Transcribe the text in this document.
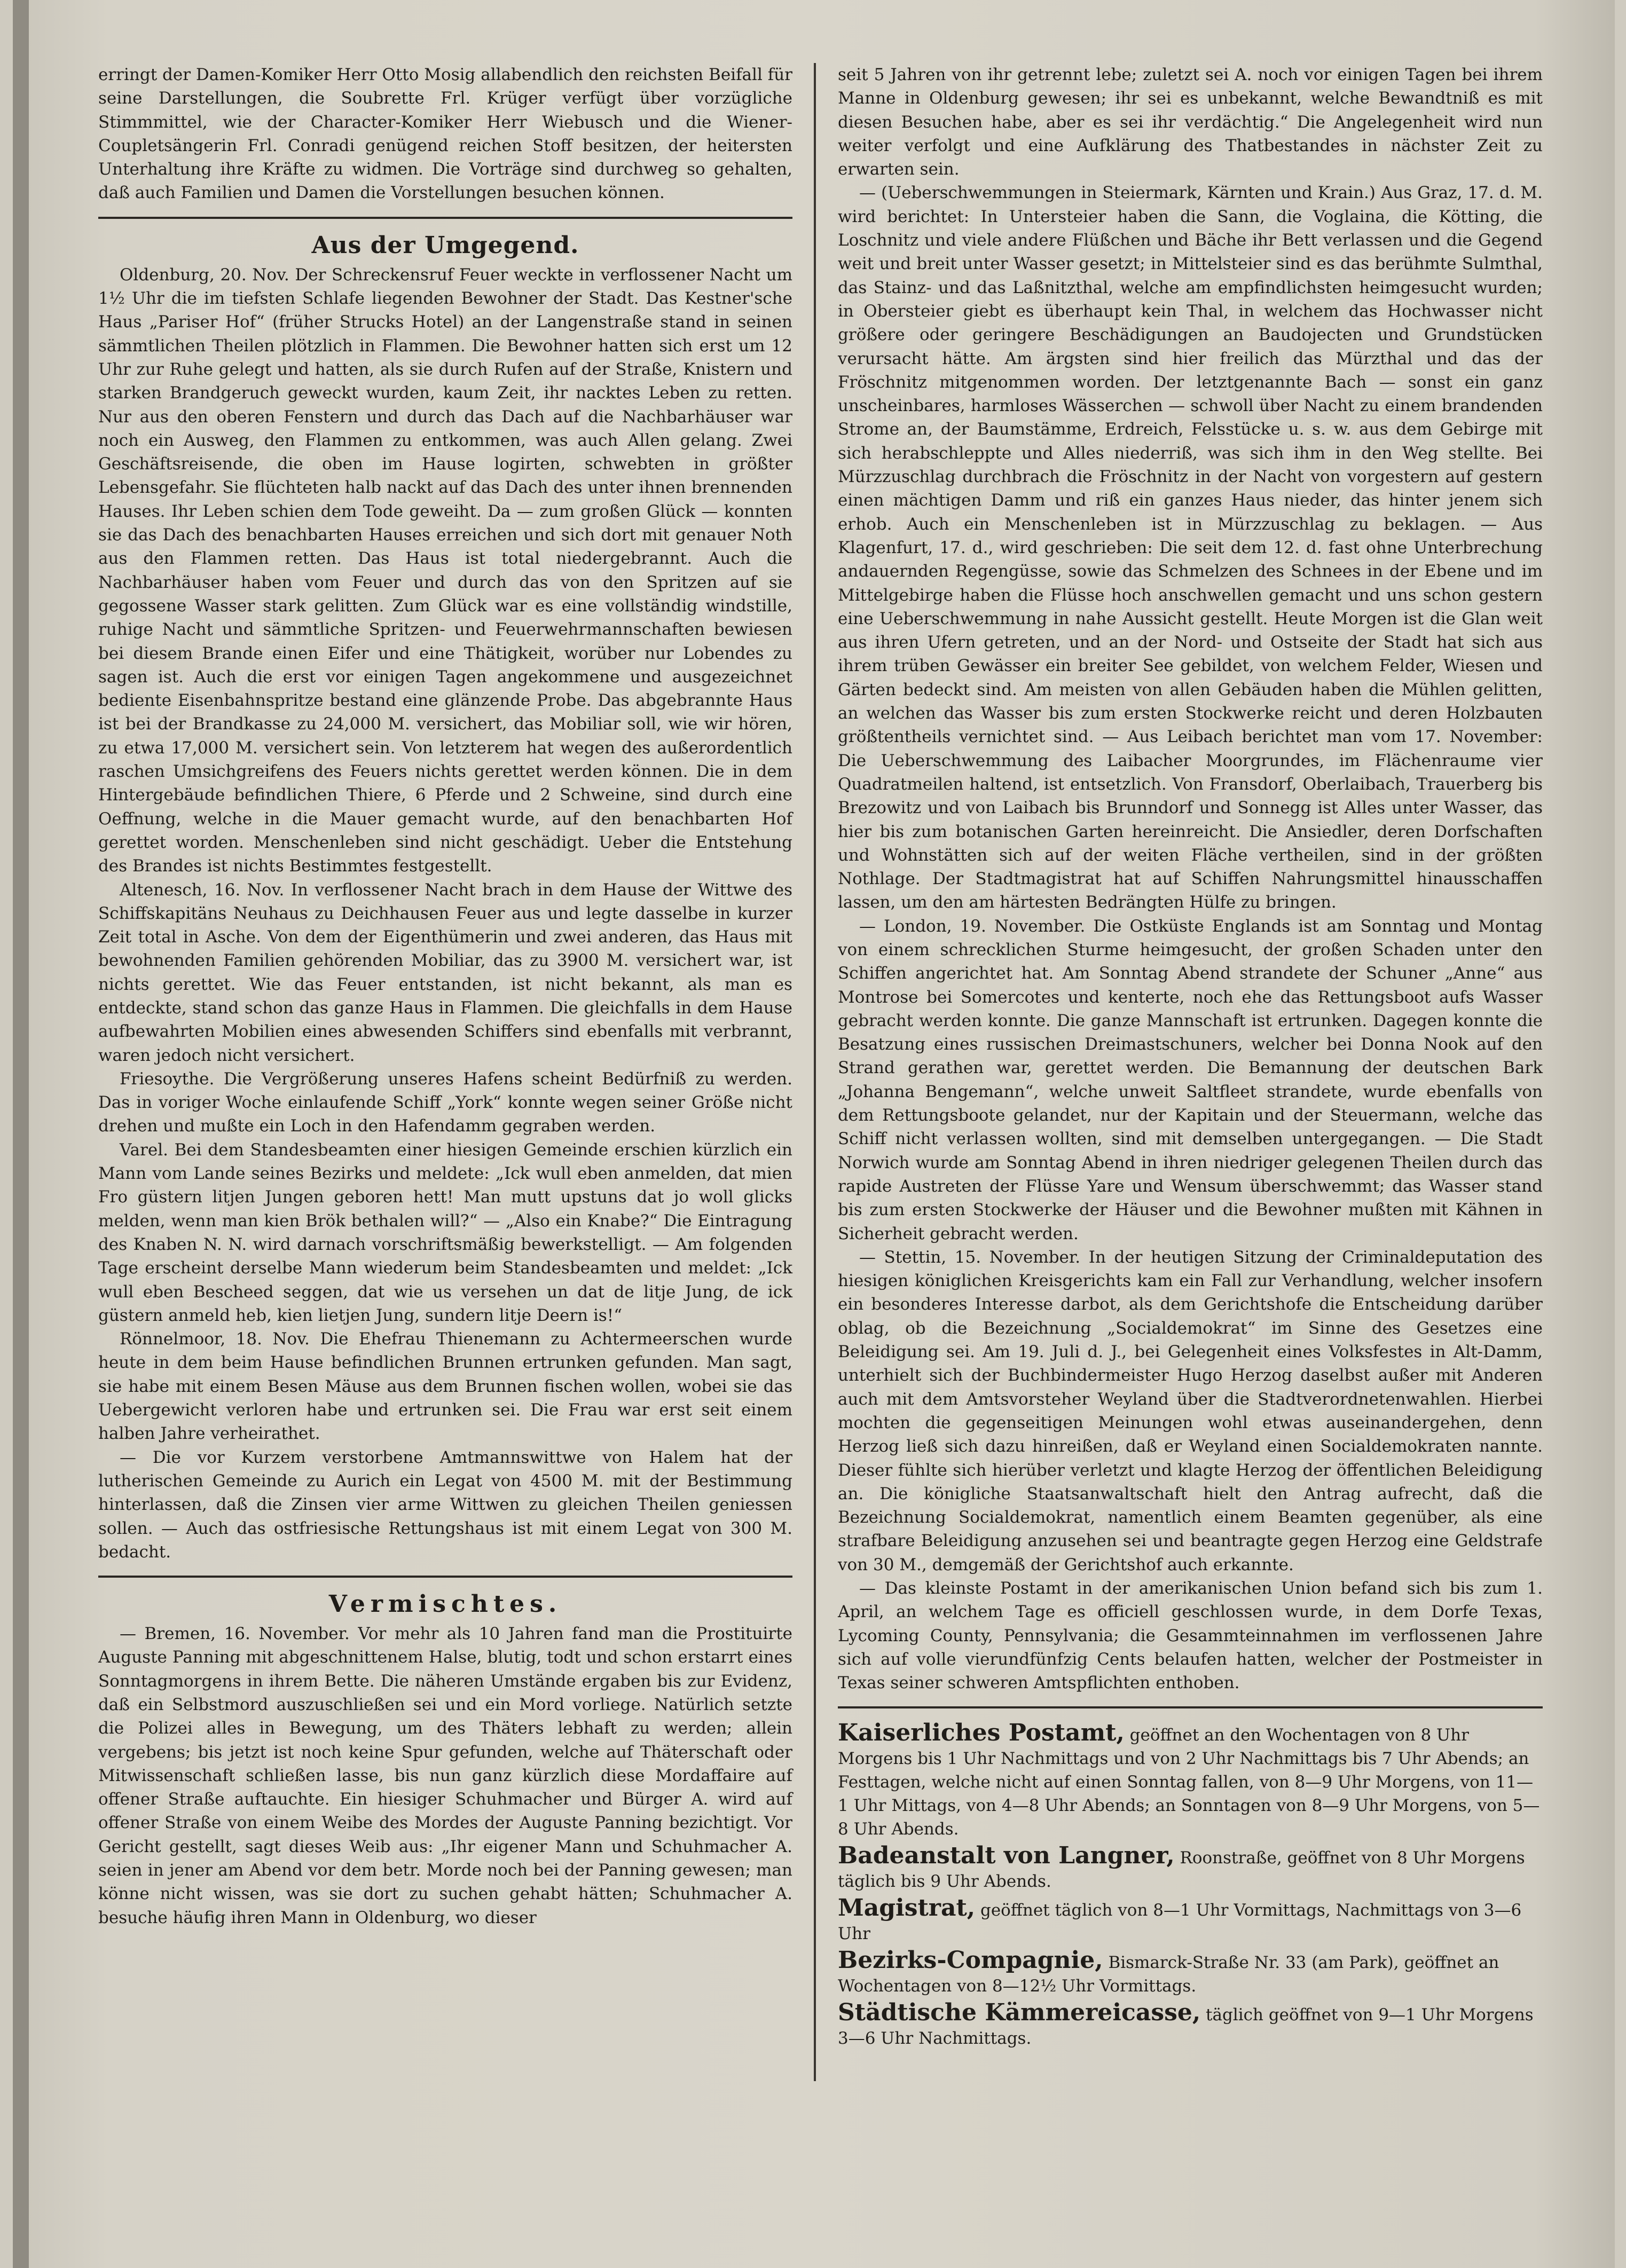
erringt der Damen-Komiker Herr Otto Mosig allabendlich den reichsten Beifall für seine Darstellungen, die Soubrette Frl. Krüger verfügt über vorzügliche Stimmmittel, wie der Character-Komiker Herr Wiebusch und die Wiener-Coupletsängerin Frl. Conradi genügend reichen Stoff besitzen, der heitersten Unterhaltung ihre Kräfte zu widmen. Die Vorträge sind durchweg so gehalten, daß auch Familien und Damen die Vorstellungen besuchen können.

Aus der Umgegend.

Oldenburg, 20. Nov. Der Schreckensruf Feuer weckte in verflossener Nacht um 1½ Uhr die im tiefsten Schlafe liegenden Bewohner der Stadt. Das Kestner'sche Haus „Pariser Hof“ (früher Strucks Hotel) an der Langenstraße stand in seinen sämmtlichen Theilen plötzlich in Flammen. Die Bewohner hatten sich erst um 12 Uhr zur Ruhe gelegt und hatten, als sie durch Rufen auf der Straße, Knistern und starken Brandgeruch geweckt wurden, kaum Zeit, ihr nacktes Leben zu retten. Nur aus den oberen Fenstern und durch das Dach auf die Nachbarhäuser war noch ein Ausweg, den Flammen zu entkommen, was auch Allen gelang. Zwei Geschäftsreisende, die oben im Hause logirten, schwebten in größter Lebensgefahr. Sie flüchteten halb nackt auf das Dach des unter ihnen brennenden Hauses. Ihr Leben schien dem Tode geweiht. Da — zum großen Glück — konnten sie das Dach des benachbarten Hauses erreichen und sich dort mit genauer Noth aus den Flammen retten. Das Haus ist total niedergebrannt. Auch die Nachbarhäuser haben vom Feuer und durch das von den Spritzen auf sie gegossene Wasser stark gelitten. Zum Glück war es eine vollständig windstille, ruhige Nacht und sämmtliche Spritzen- und Feuerwehrmannschaften bewiesen bei diesem Brande einen Eifer und eine Thätigkeit, worüber nur Lobendes zu sagen ist. Auch die erst vor einigen Tagen angekommene und ausgezeichnet bediente Eisenbahnspritze bestand eine glänzende Probe. Das abgebrannte Haus ist bei der Brandkasse zu 24,000 M. versichert, das Mobiliar soll, wie wir hören, zu etwa 17,000 M. versichert sein. Von letzterem hat wegen des außerordentlich raschen Umsichgreifens des Feuers nichts gerettet werden können. Die in dem Hintergebäude befindlichen Thiere, 6 Pferde und 2 Schweine, sind durch eine Oeffnung, welche in die Mauer gemacht wurde, auf den benachbarten Hof gerettet worden. Menschenleben sind nicht geschädigt. Ueber die Entstehung des Brandes ist nichts Bestimmtes festgestellt.

Altenesch, 16. Nov. In verflossener Nacht brach in dem Hause der Wittwe des Schiffskapitäns Neuhaus zu Deichhausen Feuer aus und legte dasselbe in kurzer Zeit total in Asche. Von dem der Eigenthümerin und zwei anderen, das Haus mit bewohnenden Familien gehörenden Mobiliar, das zu 3900 M. versichert war, ist nichts gerettet. Wie das Feuer entstanden, ist nicht bekannt, als man es entdeckte, stand schon das ganze Haus in Flammen. Die gleichfalls in dem Hause aufbewahrten Mobilien eines abwesenden Schiffers sind ebenfalls mit verbrannt, waren jedoch nicht versichert.

Friesoythe. Die Vergrößerung unseres Hafens scheint Bedürfniß zu werden. Das in voriger Woche einlaufende Schiff „York“ konnte wegen seiner Größe nicht drehen und mußte ein Loch in den Hafendamm gegraben werden.

Varel. Bei dem Standesbeamten einer hiesigen Gemeinde erschien kürzlich ein Mann vom Lande seines Bezirks und meldete: „Ick wull eben anmelden, dat mien Fro güstern litjen Jungen geboren hett! Man mutt upstuns dat jo woll glicks melden, wenn man kien Brök bethalen will?“ — „Also ein Knabe?“ Die Eintragung des Knaben N. N. wird darnach vorschriftsmäßig bewerkstelligt. — Am folgenden Tage erscheint derselbe Mann wiederum beim Standesbeamten und meldet: „Ick wull eben Bescheed seggen, dat wie us versehen un dat de litje Jung, de ick güstern anmeld heb, kien lietjen Jung, sundern litje Deern is!“

Rönnelmoor, 18. Nov. Die Ehefrau Thienemann zu Achtermeerschen wurde heute in dem beim Hause befindlichen Brunnen ertrunken gefunden. Man sagt, sie habe mit einem Besen Mäuse aus dem Brunnen fischen wollen, wobei sie das Uebergewicht verloren habe und ertrunken sei. Die Frau war erst seit einem halben Jahre verheirathet.

— Die vor Kurzem verstorbene Amtmannswittwe von Halem hat der lutherischen Gemeinde zu Aurich ein Legat von 4500 M. mit der Bestimmung hinterlassen, daß die Zinsen vier arme Wittwen zu gleichen Theilen geniessen sollen. — Auch das ostfriesische Rettungshaus ist mit einem Legat von 300 M. bedacht.

Vermischtes.

— Bremen, 16. November. Vor mehr als 10 Jahren fand man die Prostituirte Auguste Panning mit abgeschnittenem Halse, blutig, todt und schon erstarrt eines Sonntagmorgens in ihrem Bette. Die näheren Umstände ergaben bis zur Evidenz, daß ein Selbstmord auszuschließen sei und ein Mord vorliege. Natürlich setzte die Polizei alles in Bewegung, um des Thäters lebhaft zu werden; allein vergebens; bis jetzt ist noch keine Spur gefunden, welche auf Thäterschaft oder Mitwissenschaft schließen lasse, bis nun ganz kürzlich diese Mordaffaire auf offener Straße auftauchte. Ein hiesiger Schuhmacher und Bürger A. wird auf offener Straße von einem Weibe des Mordes der Auguste Panning bezichtigt. Vor Gericht gestellt, sagt dieses Weib aus: „Ihr eigener Mann und Schuhmacher A. seien in jener am Abend vor dem betr. Morde noch bei der Panning gewesen; man könne nicht wissen, was sie dort zu suchen gehabt hätten; Schuhmacher A. besuche häufig ihren Mann in Oldenburg, wo dieser

seit 5 Jahren von ihr getrennt lebe; zuletzt sei A. noch vor einigen Tagen bei ihrem Manne in Oldenburg gewesen; ihr sei es unbekannt, welche Bewandtniß es mit diesen Besuchen habe, aber es sei ihr verdächtig.“ Die Angelegenheit wird nun weiter verfolgt und eine Aufklärung des Thatbestandes in nächster Zeit zu erwarten sein.

— (Ueberschwemmungen in Steiermark, Kärnten und Krain.) Aus Graz, 17. d. M. wird berichtet: In Untersteier haben die Sann, die Voglaina, die Kötting, die Loschnitz und viele andere Flüßchen und Bäche ihr Bett verlassen und die Gegend weit und breit unter Wasser gesetzt; in Mittelsteier sind es das berühmte Sulmthal, das Stainz- und das Laßnitzthal, welche am empfindlichsten heimgesucht wurden; in Obersteier giebt es überhaupt kein Thal, in welchem das Hochwasser nicht größere oder geringere Beschädigungen an Baudojecten und Grundstücken verursacht hätte. Am ärgsten sind hier freilich das Mürzthal und das der Fröschnitz mitgenommen worden. Der letztgenannte Bach — sonst ein ganz unscheinbares, harmloses Wässerchen — schwoll über Nacht zu einem brandenden Strome an, der Baumstämme, Erdreich, Felsstücke u. s. w. aus dem Gebirge mit sich herabschleppte und Alles niederriß, was sich ihm in den Weg stellte. Bei Mürzzuschlag durchbrach die Fröschnitz in der Nacht von vorgestern auf gestern einen mächtigen Damm und riß ein ganzes Haus nieder, das hinter jenem sich erhob. Auch ein Menschenleben ist in Mürzzuschlag zu beklagen. — Aus Klagenfurt, 17. d., wird geschrieben: Die seit dem 12. d. fast ohne Unterbrechung andauernden Regengüsse, sowie das Schmelzen des Schnees in der Ebene und im Mittelgebirge haben die Flüsse hoch anschwellen gemacht und uns schon gestern eine Ueberschwemmung in nahe Aussicht gestellt. Heute Morgen ist die Glan weit aus ihren Ufern getreten, und an der Nord- und Ostseite der Stadt hat sich aus ihrem trüben Gewässer ein breiter See gebildet, von welchem Felder, Wiesen und Gärten bedeckt sind. Am meisten von allen Gebäuden haben die Mühlen gelitten, an welchen das Wasser bis zum ersten Stockwerke reicht und deren Holzbauten größtentheils vernichtet sind. — Aus Leibach berichtet man vom 17. November: Die Ueberschwemmung des Laibacher Moorgrundes, im Flächenraume vier Quadratmeilen haltend, ist entsetzlich. Von Fransdorf, Oberlaibach, Trauerberg bis Brezowitz und von Laibach bis Brunndorf und Sonnegg ist Alles unter Wasser, das hier bis zum botanischen Garten hereinreicht. Die Ansiedler, deren Dorfschaften und Wohnstätten sich auf der weiten Fläche vertheilen, sind in der größten Nothlage. Der Stadtmagistrat hat auf Schiffen Nahrungsmittel hinausschaffen lassen, um den am härtesten Bedrängten Hülfe zu bringen.

— London, 19. November. Die Ostküste Englands ist am Sonntag und Montag von einem schrecklichen Sturme heimgesucht, der großen Schaden unter den Schiffen angerichtet hat. Am Sonntag Abend strandete der Schuner „Anne“ aus Montrose bei Somercotes und kenterte, noch ehe das Rettungsboot aufs Wasser gebracht werden konnte. Die ganze Mannschaft ist ertrunken. Dagegen konnte die Besatzung eines russischen Dreimastschuners, welcher bei Donna Nook auf den Strand gerathen war, gerettet werden. Die Bemannung der deutschen Bark „Johanna Bengemann“, welche unweit Saltfleet strandete, wurde ebenfalls von dem Rettungsboote gelandet, nur der Kapitain und der Steuermann, welche das Schiff nicht verlassen wollten, sind mit demselben untergegangen. — Die Stadt Norwich wurde am Sonntag Abend in ihren niedriger gelegenen Theilen durch das rapide Austreten der Flüsse Yare und Wensum überschwemmt; das Wasser stand bis zum ersten Stockwerke der Häuser und die Bewohner mußten mit Kähnen in Sicherheit gebracht werden.

— Stettin, 15. November. In der heutigen Sitzung der Criminaldeputation des hiesigen königlichen Kreisgerichts kam ein Fall zur Verhandlung, welcher insofern ein besonderes Interesse darbot, als dem Gerichtshofe die Entscheidung darüber oblag, ob die Bezeichnung „Socialdemokrat“ im Sinne des Gesetzes eine Beleidigung sei. Am 19. Juli d. J., bei Gelegenheit eines Volksfestes in Alt-Damm, unterhielt sich der Buchbindermeister Hugo Herzog daselbst außer mit Anderen auch mit dem Amtsvorsteher Weyland über die Stadtverordnetenwahlen. Hierbei mochten die gegenseitigen Meinungen wohl etwas auseinandergehen, denn Herzog ließ sich dazu hinreißen, daß er Weyland einen Socialdemokraten nannte. Dieser fühlte sich hierüber verletzt und klagte Herzog der öffentlichen Beleidigung an. Die königliche Staatsanwaltschaft hielt den Antrag aufrecht, daß die Bezeichnung Socialdemokrat, namentlich einem Beamten gegenüber, als eine strafbare Beleidigung anzusehen sei und beantragte gegen Herzog eine Geldstrafe von 30 M., demgemäß der Gerichtshof auch erkannte.

— Das kleinste Postamt in der amerikanischen Union befand sich bis zum 1. April, an welchem Tage es officiell geschlossen wurde, in dem Dorfe Texas, Lycoming County, Pennsylvania; die Gesammteinnahmen im verflossenen Jahre sich auf volle vierundfünfzig Cents belaufen hatten, welcher der Postmeister in Texas seiner schweren Amtspflichten enthoben.

Kaiserliches Postamt, geöffnet an den Wochentagen von 8 Uhr Morgens bis 1 Uhr Nachmittags und von 2 Uhr Nachmittags bis 7 Uhr Abends; an Festtagen, welche nicht auf einen Sonntag fallen, von 8—9 Uhr Morgens, von 11—1 Uhr Mittags, von 4—8 Uhr Abends; an Sonntagen von 8—9 Uhr Morgens, von 5—8 Uhr Abends.
Badeanstalt von Langner, Roonstraße, geöffnet von 8 Uhr Morgens täglich bis 9 Uhr Abends.
Magistrat, geöffnet täglich von 8—1 Uhr Vormittags, Nachmittags von 3—6 Uhr
Bezirks-Compagnie, Bismarck-Straße Nr. 33 (am Park), geöffnet an Wochentagen von 8—12½ Uhr Vormittags.
Städtische Kämmereicasse, täglich geöffnet von 9—1 Uhr Morgens 3—6 Uhr Nachmittags.
